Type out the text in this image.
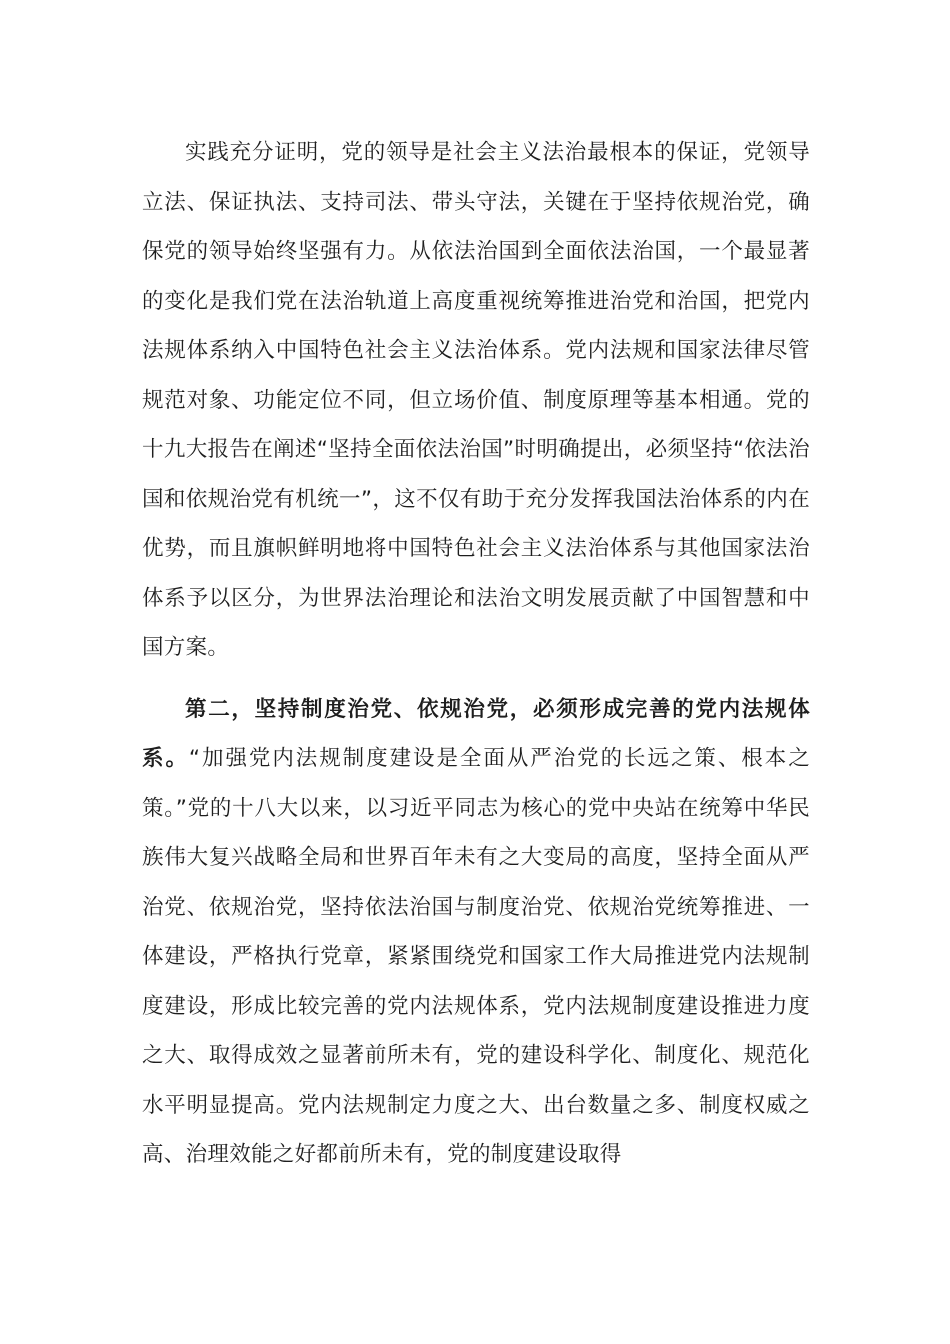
实践充分证明，党的领导是社会主义法治最根本的保证，党领导立法、保证执法、支持司法、带头守法，关键在于坚持依规治党，确保党的领导始终坚强有力。从依法治国到全面依法治国，一个最显著的变化是我们党在法治轨道上高度重视统筹推进治党和治国，把党内法规体系纳入中国特色社会主义法治体系。党内法规和国家法律尽管规范对象、功能定位不同，但立场价值、制度原理等基本相通。党的十九大报告在阐述“坚持全面依法治国”时明确提出，必须坚持“依法治国和依规治党有机统一”，这不仅有助于充分发挥我国法治体系的内在优势，而且旗帜鲜明地将中国特色社会主义法治体系与其他国家法治体系予以区分，为世界法治理论和法治文明发展贡献了中国智慧和中国方案。

第二，坚持制度治党、依规治党，必须形成完善的党内法规体系。“加强党内法规制度建设是全面从严治党的长远之策、根本之策。”党的十八大以来，以习近平同志为核心的党中央站在统筹中华民族伟大复兴战略全局和世界百年未有之大变局的高度，坚持全面从严治党、依规治党，坚持依法治国与制度治党、依规治党统筹推进、一体建设，严格执行党章，紧紧围绕党和国家工作大局推进党内法规制度建设，形成比较完善的党内法规体系，党内法规制度建设推进力度之大、取得成效之显著前所未有，党的建设科学化、制度化、规范化水平明显提高。党内法规制定力度之大、出台数量之多、制度权威之高、治理效能之好都前所未有，党的制度建设取得
